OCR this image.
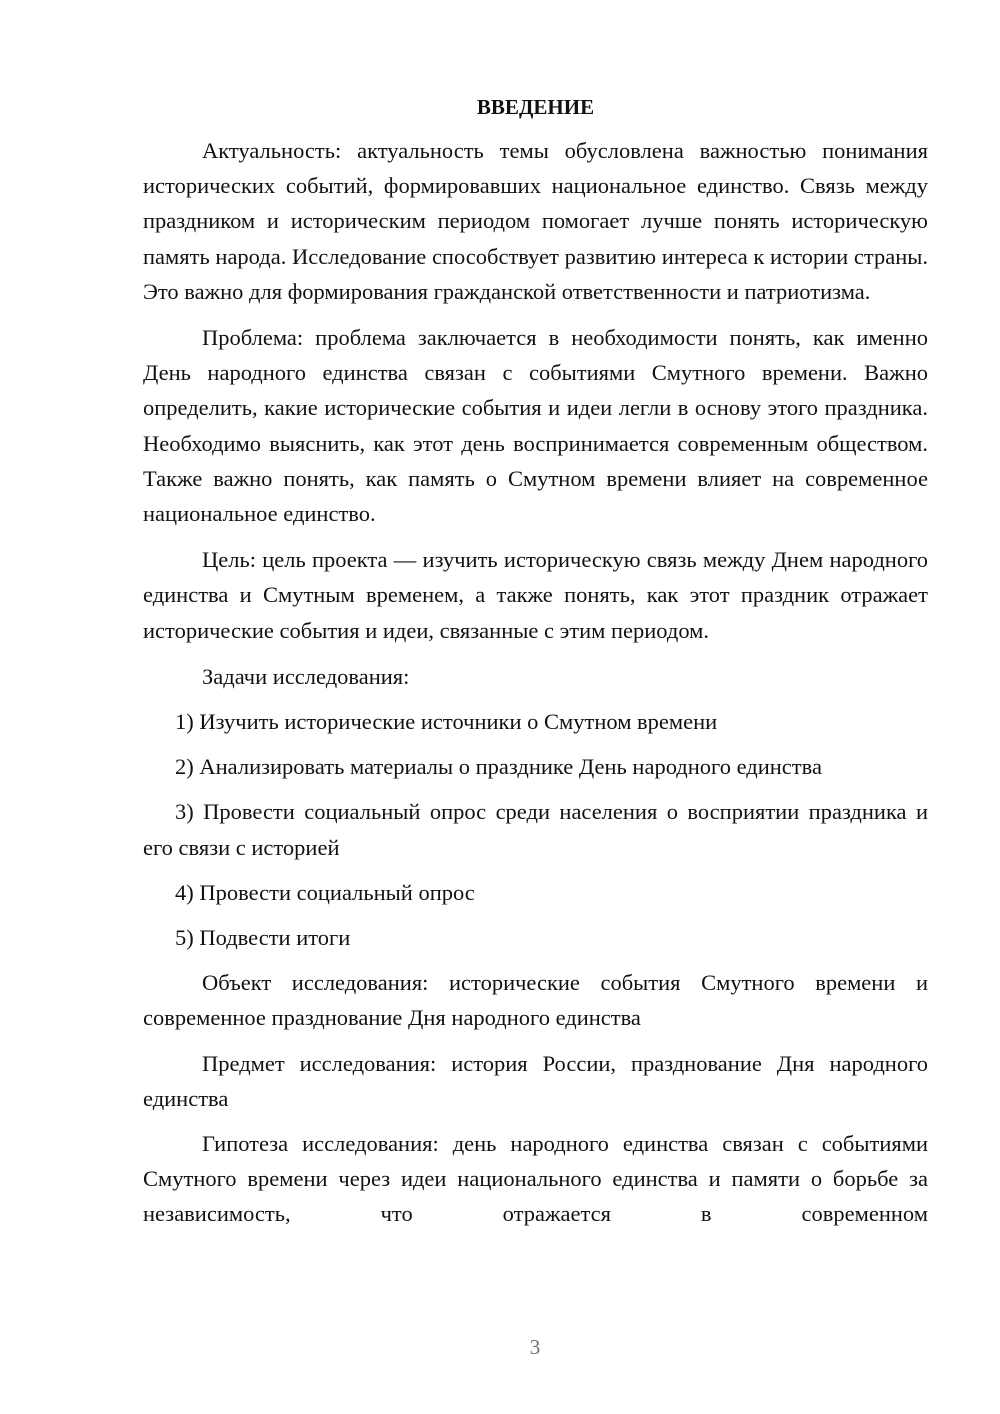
ВВЕДЕНИЕ

Актуальность: актуальность темы обусловлена важностью понимания исторических событий, формировавших национальное единство. Связь между праздником и историческим периодом помогает лучше понять историческую память народа. Исследование способствует развитию интереса к истории страны. Это важно для формирования гражданской ответственности и патриотизма.

Проблема: проблема заключается в необходимости понять, как именно День народного единства связан с событиями Смутного времени. Важно определить, какие исторические события и идеи легли в основу этого праздника. Необходимо выяснить, как этот день воспринимается современным обществом. Также важно понять, как память о Смутном времени влияет на современное национальное единство.

Цель: цель проекта — изучить историческую связь между Днем народного единства и Смутным временем, а также понять, как этот праздник отражает исторические события и идеи, связанные с этим периодом.

Задачи исследования:

1) Изучить исторические источники о Смутном времени

2) Анализировать материалы о празднике День народного единства

3) Провести социальный опрос среди населения о восприятии праздника и его связи с историей

4) Провести социальный опрос

5) Подвести итоги

Объект исследования: исторические события Смутного времени и современное празднование Дня народного единства

Предмет исследования: история России, празднование Дня народного единства

Гипотеза исследования: день народного единства связан с событиями Смутного времени через идеи национального единства и памяти о борьбе за независимость, что отражается в современном

3
